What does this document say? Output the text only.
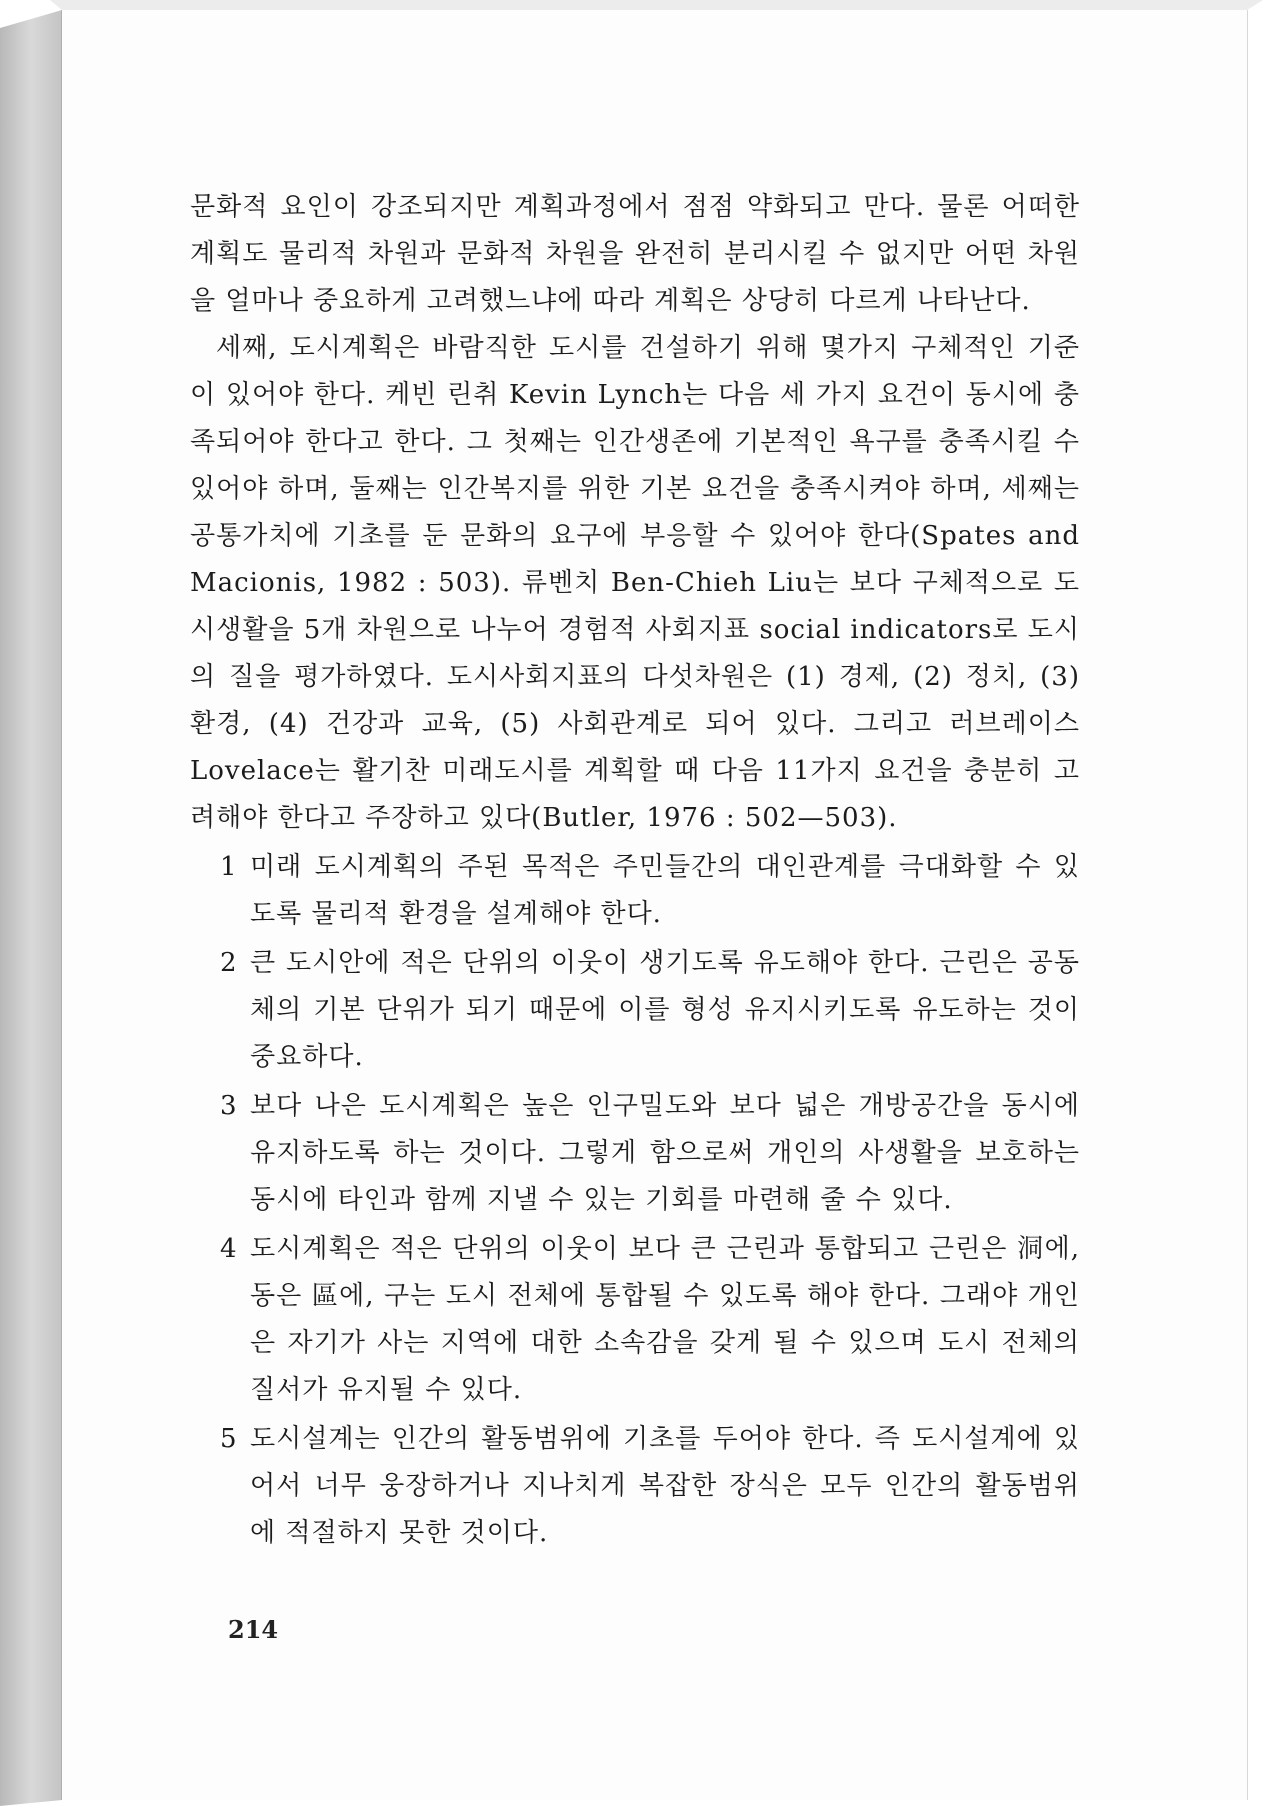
문화적 요인이 강조되지만 계획과정에서 점점 약화되고 만다. 물론 어떠한 계획도 물리적 차원과 문화적 차원을 완전히 분리시킬 수 없지만 어떤 차원을 얼마나 중요하게 고려했느냐에 따라 계획은 상당히 다르게 나타난다.

세째, 도시계획은 바람직한 도시를 건설하기 위해 몇가지 구체적인 기준이 있어야 한다. 케빈 린취 Kevin Lynch는 다음 세 가지 요건이 동시에 충족되어야 한다고 한다. 그 첫째는 인간생존에 기본적인 욕구를 충족시킬 수 있어야 하며, 둘째는 인간복지를 위한 기본 요건을 충족시켜야 하며, 세째는 공통가치에 기초를 둔 문화의 요구에 부응할 수 있어야 한다(Spates and Macionis, 1982 : 503). 류벤치 Ben-Chieh Liu는 보다 구체적으로 도시생활을 5개 차원으로 나누어 경험적 사회지표 social indicators로 도시의 질을 평가하였다. 도시사회지표의 다섯차원은 (1) 경제, (2) 정치, (3) 환경, (4) 건강과 교육, (5) 사회관계로 되어 있다. 그리고 러브레이스 Lovelace는 활기찬 미래도시를 계획할 때 다음 11가지 요건을 충분히 고려해야 한다고 주장하고 있다(Butler, 1976 : 502—503).

1 미래 도시계획의 주된 목적은 주민들간의 대인관계를 극대화할 수 있도록 물리적 환경을 설계해야 한다.
2 큰 도시안에 적은 단위의 이웃이 생기도록 유도해야 한다. 근린은 공동체의 기본 단위가 되기 때문에 이를 형성 유지시키도록 유도하는 것이 중요하다.
3 보다 나은 도시계획은 높은 인구밀도와 보다 넓은 개방공간을 동시에 유지하도록 하는 것이다. 그렇게 함으로써 개인의 사생활을 보호하는 동시에 타인과 함께 지낼 수 있는 기회를 마련해 줄 수 있다.
4 도시계획은 적은 단위의 이웃이 보다 큰 근린과 통합되고 근린은 洞에, 동은 區에, 구는 도시 전체에 통합될 수 있도록 해야 한다. 그래야 개인은 자기가 사는 지역에 대한 소속감을 갖게 될 수 있으며 도시 전체의 질서가 유지될 수 있다.
5 도시설계는 인간의 활동범위에 기초를 두어야 한다. 즉 도시설계에 있어서 너무 웅장하거나 지나치게 복잡한 장식은 모두 인간의 활동범위에 적절하지 못한 것이다.
214
